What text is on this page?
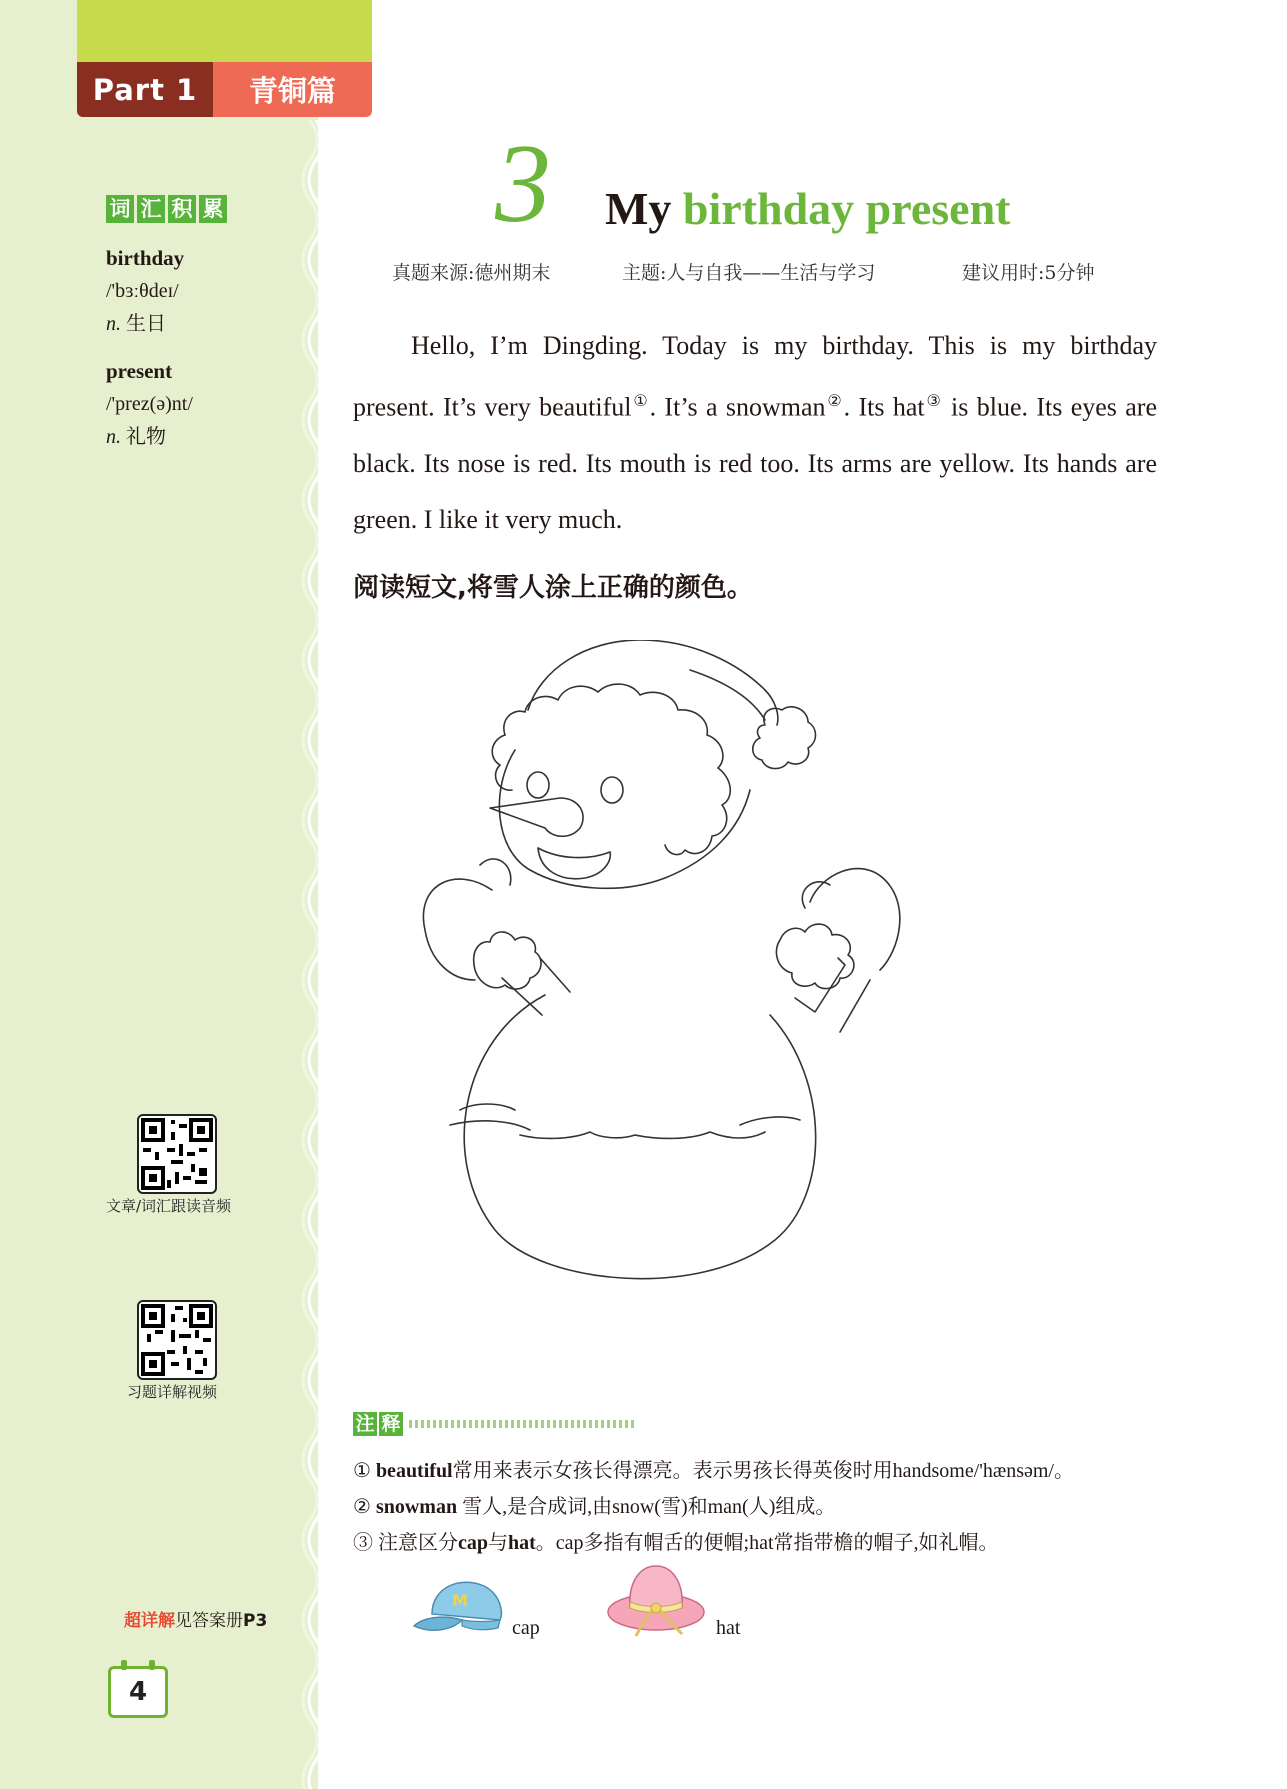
Part 1	青铜篇
词 汇 积 累
birthday
/'bɜːθdeɪ/
n. 生日
present
/'prez(ə)nt/
n. 礼物
文章/词汇跟读音频
习题详解视频
超详解见答案册P3
4
3 My birthday present
真题来源:德州期末	主题:人与自我——生活与学习	建议用时:5分钟

Hello, I’m Dingding. Today is my birthday. This is my birthday present. It’s very beautiful①. It’s a snowman②. Its hat③ is blue. Its eyes are black. Its nose is red. Its mouth is red too. Its arms are yellow. Its hands are green. I like it very much.

阅读短文,将雪人涂上正确的颜色。
注 释
① beautiful常用来表示女孩长得漂亮。表示男孩长得英俊时用handsome/'hænsəm/。
② snowman 雪人,是合成词,由snow(雪)和man(人)组成。
③ 注意区分cap与hat。cap多指有帽舌的便帽;hat常指带檐的帽子,如礼帽。
M
cap	hat
